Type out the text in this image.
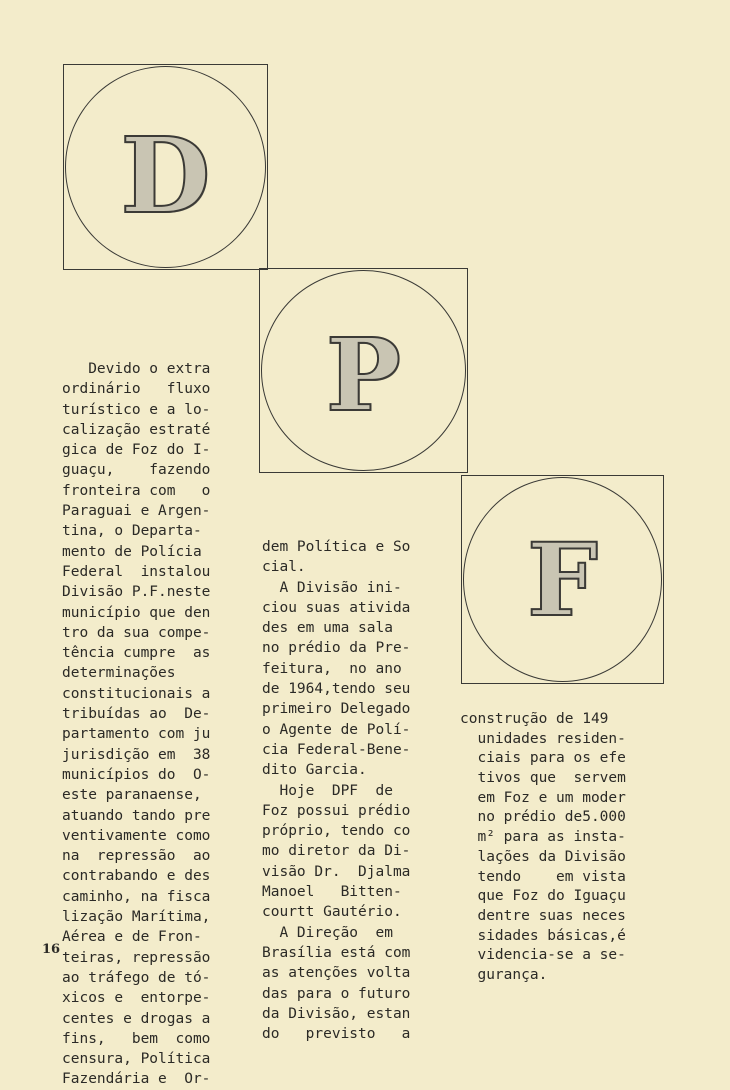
D
P
F
Devido o extra
ordinário   fluxo
turístico e a lo-
calização estraté
gica de Foz do I-
guaçu,    fazendo
fronteira com   o
Paraguai e Argen-
tina, o Departa-
mento de Polícia
Federal  instalou
Divisão P.F.neste
município que den
tro da sua compe-
tência cumpre  as
determinações
constitucionais a
tribuídas ao  De-
partamento com ju
jurisdição em  38
municípios do  O-
este paranaense,
atuando tando pre
ventivamente como
na  repressão  ao
contrabando e des
caminho, na fisca
lização Marítima,
Aérea e de Fron-
teiras, repressão
ao tráfego de tó-
xicos e  entorpe-
centes e drogas a
fins,   bem  como
censura, Política
Fazendária e  Or-
dem Política e So
cial.
A Divisão ini-
ciou suas ativida
des em uma sala
no prédio da Pre-
feitura,  no ano
de 1964,tendo seu
primeiro Delegado
o Agente de Polí-
cia Federal-Bene-
dito Garcia.
Hoje  DPF  de
Foz possui prédio
próprio, tendo co
mo diretor da Di-
visão Dr.  Djalma
Manoel   Bitten-
courtt Gautério.
A Direção  em
Brasília está com
as atenções volta
das para o futuro
da Divisão, estan
do   previsto   a
construção de 149
unidades residen-
ciais para os efe
tivos que  servem
em Foz e um moder
no prédio de5.000
m² para as insta-
lações da Divisão
tendo    em vista
que Foz do Iguaçu
dentre suas neces
sidades básicas,é
videncia-se a se-
gurança.
16
